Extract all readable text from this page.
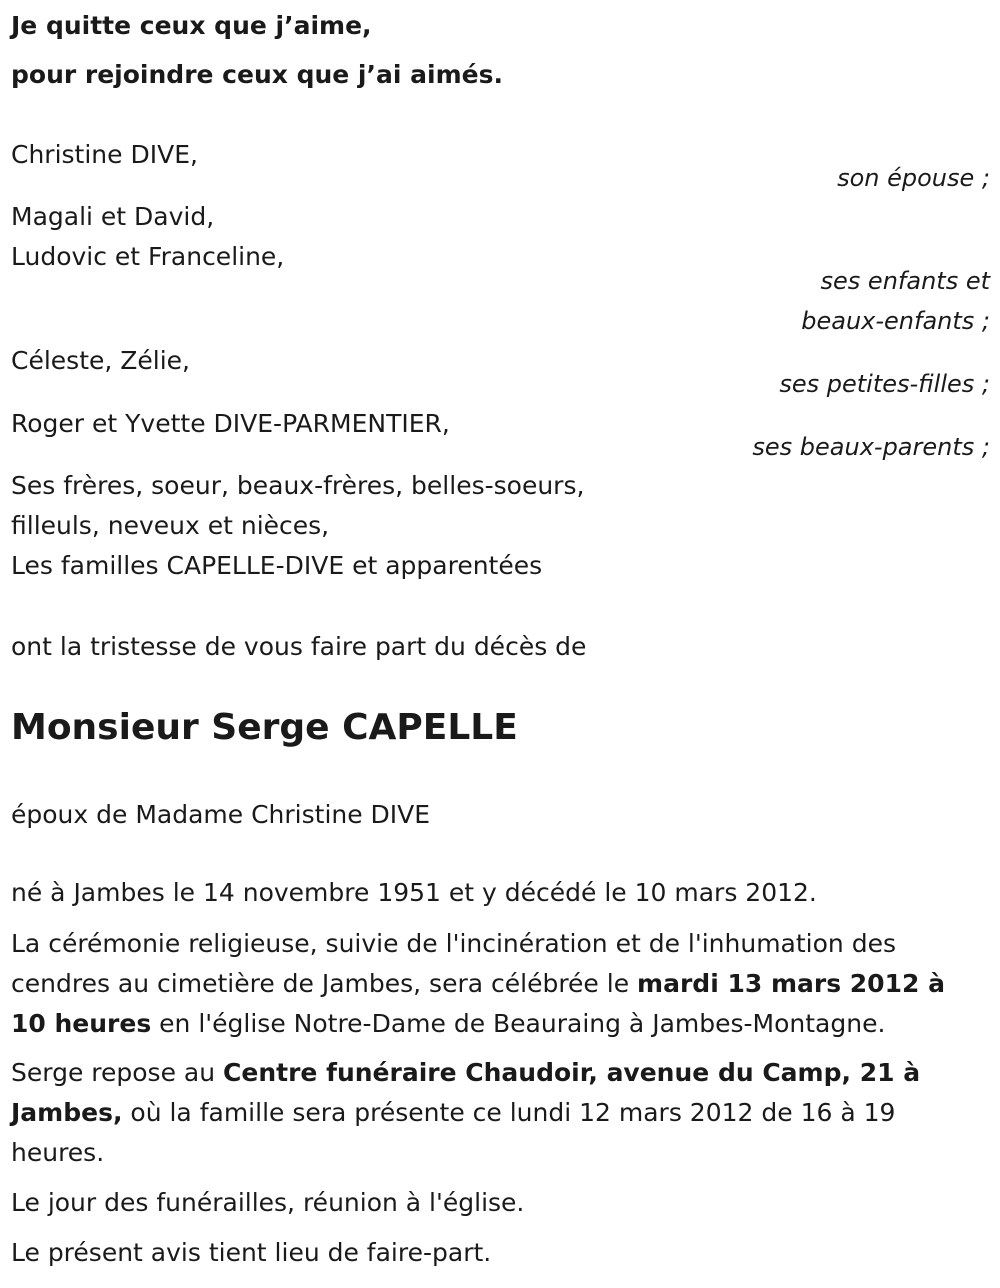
Je quitte ceux que j’aime,
pour rejoindre ceux que j’ai aimés.
Christine DIVE,
son épouse ;
Magali et David,
Ludovic et Franceline,
ses enfants et
beaux-enfants ;
Céleste, Zélie,
ses petites-filles ;
Roger et Yvette DIVE-PARMENTIER,
ses beaux-parents ;
Ses frères, soeur, beaux-frères, belles-soeurs,
filleuls, neveux et nièces,
Les familles CAPELLE-DIVE et apparentées
ont la tristesse de vous faire part du décès de
Monsieur Serge CAPELLE
époux de Madame Christine DIVE
né à Jambes le 14 novembre 1951 et y décédé le 10 mars 2012.
La cérémonie religieuse, suivie de l'incinération et de l'inhumation des cendres au cimetière de Jambes, sera célébrée le mardi 13 mars 2012 à 10 heures en l'église Notre-Dame de Beauraing à Jambes-Montagne.
Serge repose au Centre funéraire Chaudoir, avenue du Camp, 21 à Jambes, où la famille sera présente ce lundi 12 mars 2012 de 16 à 19 heures.
Le jour des funérailles, réunion à l'église.
Le présent avis tient lieu de faire-part.
